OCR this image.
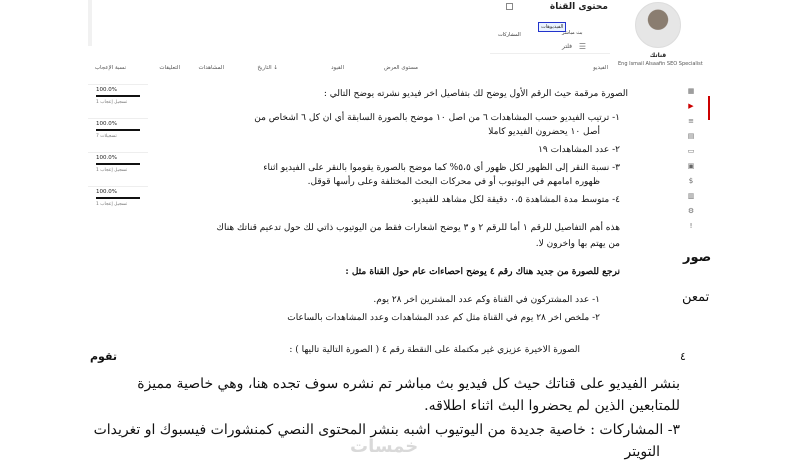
محتوى القناة
الفيديوهات
بث مباشر
المشاركات
☰
فلتر
قناتك
Eng Ismail Alsaafin SEO Specialist
الفيديو
مستوى العرض
القيود
التاريخ ↓
المشاهدات
التعليقات
نسبة الإعجاب
100.0%
1 تسجيل إعجاب
100.0%
7 تسجيلات
100.0%
1 تسجيل إعجاب
100.0%
1 تسجيل إعجاب
▦
▶
≡
▤
▭
▣
$
▥
⚙
!
صور
تمعن
٤
تقوم

الصورة مرقمة حيث الرقم الأول يوضح لك بتفاصيل اخر فيديو نشرته يوضح التالي :

١- ترتيب الفيديو حسب المشاهدات ٦ من اصل ١٠ موضح بالصورة السابقة أي ان كل ٦ اشخاص من

أصل ١٠ يحضرون الفيديو كاملا

٢- عدد المشاهدات ١٩

٣- نسبة النقر إلى الظهور لكل ظهور أي ٥،٥% كما موضح بالصورة يقوموا بالنقر على الفيديو اثناء

ظهوره امامهم في اليوتيوب أو في محركات البحث المختلفة وعلى رأسها قوقل.

٤- متوسط مدة المشاهدة ٠،٥ دقيقة لكل مشاهد للفيديو.

هذه أهم التفاصيل للرقم ١ أما للرقم ٢ و ٣ يوضح اشعارات فقط من اليوتيوب ذاتي لك حول تدعيم قناتك هناك

من يهتم بها واخرون لا.

نرجع للصورة من جديد هناك رقم ٤ يوضح احصاءات عام حول القناة مثل :

١- عدد المشتركون في القناة وكم عدد المشترين اخر ٢٨ يوم.

٢- ملخص اخر ٢٨ يوم في القناة مثل كم عدد المشاهدات وعدد المشاهدات بالساعات

الصورة الاخيرة عزيزي غير مكتملة على النقطة رقم ٤ ( الصورة التالية تاليها ) :

بنشر الفيديو على قناتك حيث كل فيديو بث مباشر تم نشره سوف تجده هنا، وهي خاصية مميزة
للمتابعين الذين لم يحضروا البث اثناء اطلاقه.
٣- المشاركات : خاصية جديدة من اليوتيوب اشبه بنشر المحتوى النصي كمنشورات فيسبوك او تغريدات
التويتر
خمسات
